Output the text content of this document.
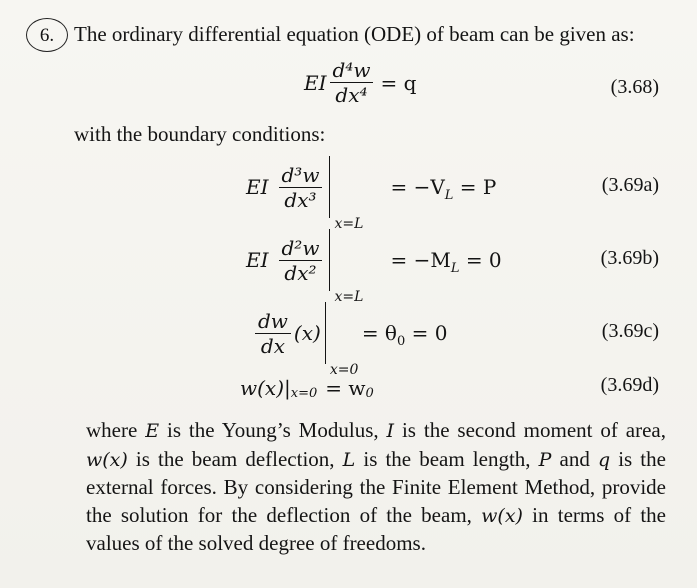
6. The ordinary differential equation (ODE) of beam can be given as:
EI $\frac{\text{d⁴w}}{\text{dx⁴}} = q$	(3.68)
with the boundary conditions:
EI $\frac{\text{d³w}}{\text{dx³}}$
x=L
= $-V_L = P$	(3.69a)
EI $\frac{\text{d²w}}{\text{dx²}}$
x=L
= $-M_L = 0$	(3.69b)
$\frac{dw}{dx} (x)$
x=0
= $\theta_0 = 0$	(3.69c)
w(x)| x=0 = w 0	(3.69d)
where E is the Young’s Modulus, I is the second moment of area, w(x) is the beam deflection, L is the beam length, P and q is the external forces. By considering the Finite Element Method, provide the solution for the deflection of the beam, w(x) in terms of the values of the solved degree of freedoms.
